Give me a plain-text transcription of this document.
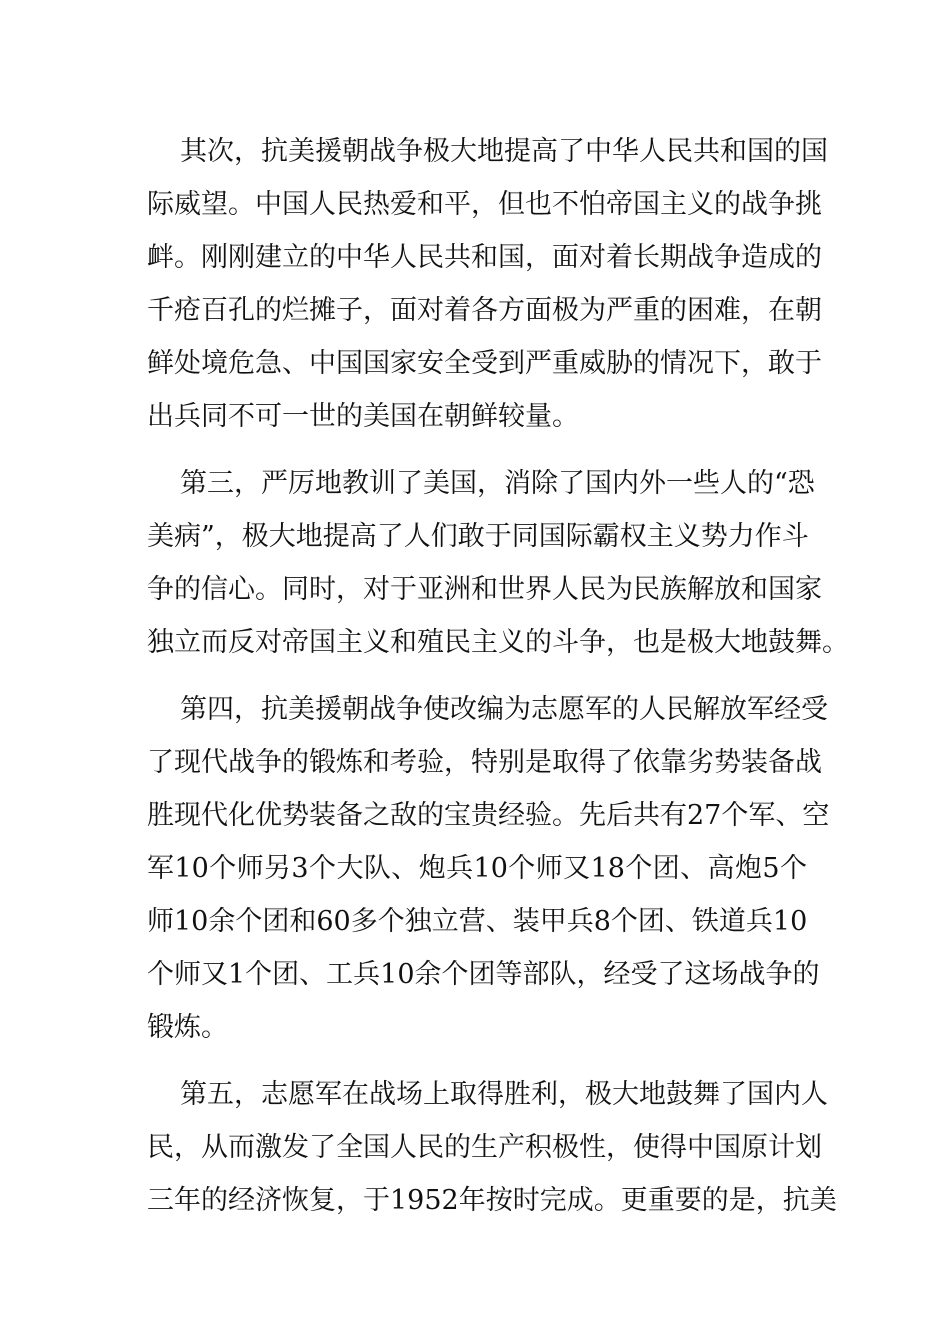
其次，抗美援朝战争极大地提高了中华人民共和国的国
际威望。中国人民热爱和平，但也不怕帝国主义的战争挑
衅。刚刚建立的中华人民共和国，面对着长期战争造成的
千疮百孔的烂摊子，面对着各方面极为严重的困难，在朝
鲜处境危急、中国国家安全受到严重威胁的情况下，敢于
出兵同不可一世的美国在朝鲜较量。
第三，严厉地教训了美国，消除了国内外一些人的“恐
美病”，极大地提高了人们敢于同国际霸权主义势力作斗
争的信心。同时，对于亚洲和世界人民为民族解放和国家
独立而反对帝国主义和殖民主义的斗争，也是极大地鼓舞。
第四，抗美援朝战争使改编为志愿军的人民解放军经受
了现代战争的锻炼和考验，特别是取得了依靠劣势装备战
胜现代化优势装备之敌的宝贵经验。先后共有27个军、空
军10个师另3个大队、炮兵10个师又18个团、高炮5个
师10余个团和60多个独立营、装甲兵8个团、铁道兵10
个师又1个团、工兵10余个团等部队，经受了这场战争的
锻炼。
第五，志愿军在战场上取得胜利，极大地鼓舞了国内人
民，从而激发了全国人民的生产积极性，使得中国原计划
三年的经济恢复，于1952年按时完成。更重要的是，抗美
